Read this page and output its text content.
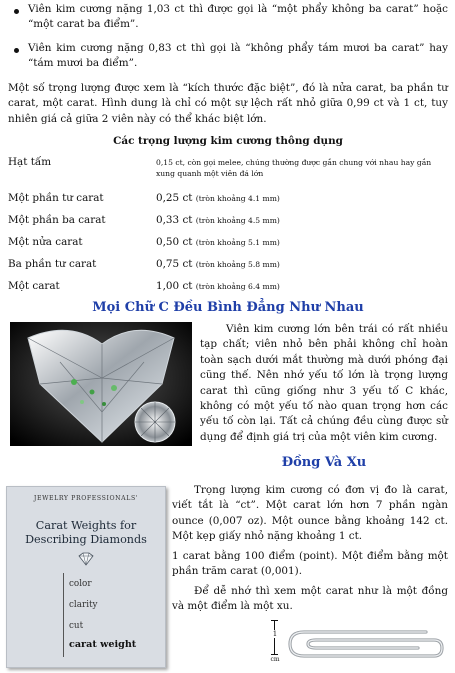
Viên kim cương nặng 1,03 ct thì được gọi là “một phẩy không ba carat” hoặc “một carat ba điểm”.
Viên kim cương nặng 0,83 ct thì gọi là “không phẩy tám mươi ba carat” hay “tám mươi ba điểm”.
Một số trọng lượng được xem là “kích thước đặc biệt”, đó là nửa carat, ba phần tư carat, một carat. Hình dung là chỉ có một sự lệch rất nhỏ giữa 0,99 ct và 1 ct, tuy nhiên giá cả giữa 2 viên này có thể khác biệt lớn.
Các trọng lượng kim cương thông dụng
Hạt tấm	0,15 ct, còn gọi melee, chúng thường được gắn chung với nhau hay gắn xung quanh một viên đá lớn
Một phần tư carat	0,25 ct (tròn khoảng 4.1 mm)
Một phần ba carat	0,33 ct (tròn khoảng 4.5 mm)
Một nửa carat	0,50 ct (tròn khoảng 5.1 mm)
Ba phần tư carat	0,75 ct (tròn khoảng 5.8 mm)
Một carat	1,00 ct (tròn khoảng 6.4 mm)
Mọi Chữ C Đều Bình Đẳng Như Nhau
Viên kim cương lớn bên trái có rất nhiều tạp chất; viên nhỏ bên phải không chỉ hoàn toàn sạch dưới mắt thường mà dưới phóng đại cũng thế. Nên nhớ yếu tố lớn là trọng lượng carat thì cũng giống như 3 yếu tố C khác, không có một yếu tố nào quan trọng hơn các yếu tố còn lại. Tất cả chúng đều cùng được sử dụng để định giá trị của một viên kim cương.
Đồng Và Xu
JEWELRY PROFESSIONALS'
Carat Weights for
Describing Diamonds
color
clarity
cut
carat weight
Trọng lượng kim cương có đơn vị đo là carat, viết tắt là “ct”. Một carat lớn hơn 7 phần ngàn ounce (0,007 oz). Một ounce bằng khoảng 142 ct. Một kẹp giấy nhỏ nặng khoảng 1 ct.
1 carat bằng 100 điểm (point). Một điểm bằng một phần trăm carat (0,001).
Để dễ nhớ thì xem một carat như là một đồng và một điểm là một xu.
1
cm
